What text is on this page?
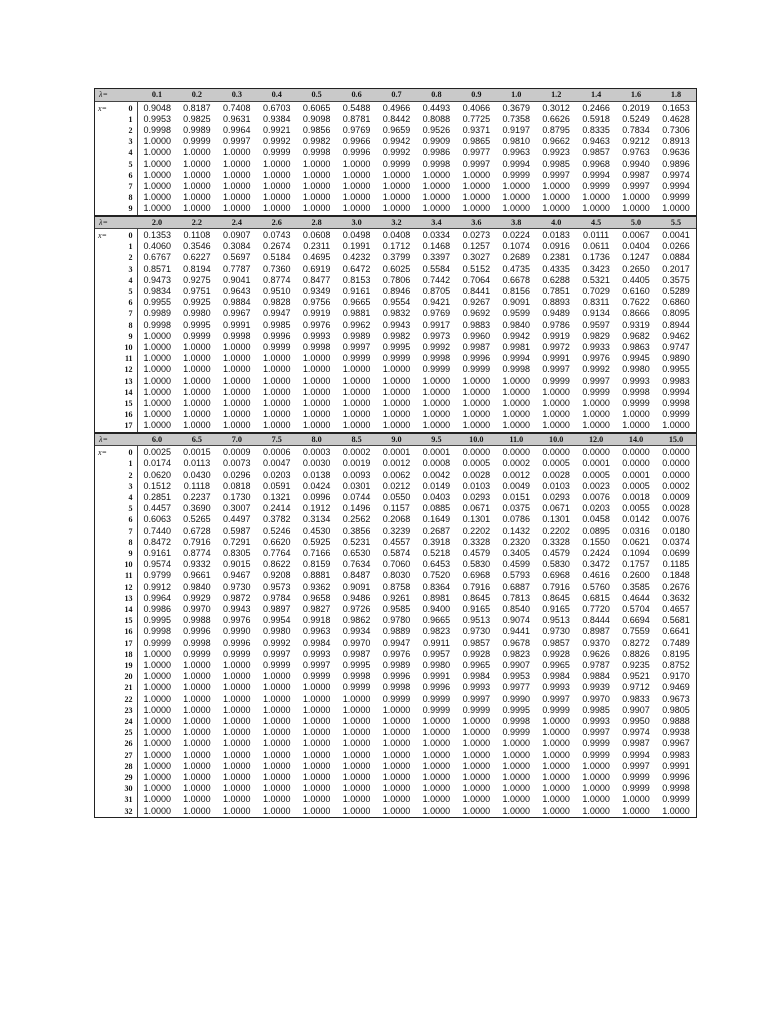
λ=	0.1	0.2	0.3	0.4	0.5	0.6	0.7	0.8	0.9	1.0	1.2	1.4	1.6	1.8

x= 0	0.9048	0.8187	0.7408	0.6703	0.6065	0.5488	0.4966	0.4493	0.4066	0.3679	0.3012	0.2466	0.2019	0.1653
1	0.9953	0.9825	0.9631	0.9384	0.9098	0.8781	0.8442	0.8088	0.7725	0.7358	0.6626	0.5918	0.5249	0.4628
2	0.9998	0.9989	0.9964	0.9921	0.9856	0.9769	0.9659	0.9526	0.9371	0.9197	0.8795	0.8335	0.7834	0.7306
3	1.0000	0.9999	0.9997	0.9992	0.9982	0.9966	0.9942	0.9909	0.9865	0.9810	0.9662	0.9463	0.9212	0.8913
4	1.0000	1.0000	1.0000	0.9999	0.9998	0.9996	0.9992	0.9986	0.9977	0.9963	0.9923	0.9857	0.9763	0.9636
5	1.0000	1.0000	1.0000	1.0000	1.0000	1.0000	0.9999	0.9998	0.9997	0.9994	0.9985	0.9968	0.9940	0.9896
6	1.0000	1.0000	1.0000	1.0000	1.0000	1.0000	1.0000	1.0000	1.0000	0.9999	0.9997	0.9994	0.9987	0.9974
7	1.0000	1.0000	1.0000	1.0000	1.0000	1.0000	1.0000	1.0000	1.0000	1.0000	1.0000	0.9999	0.9997	0.9994
8	1.0000	1.0000	1.0000	1.0000	1.0000	1.0000	1.0000	1.0000	1.0000	1.0000	1.0000	1.0000	1.0000	0.9999
9	1.0000	1.0000	1.0000	1.0000	1.0000	1.0000	1.0000	1.0000	1.0000	1.0000	1.0000	1.0000	1.0000	1.0000
λ=	2.0	2.2	2.4	2.6	2.8	3.0	3.2	3.4	3.6	3.8	4.0	4.5	5.0	5.5

x= 0	0.1353	0.1108	0.0907	0.0743	0.0608	0.0498	0.0408	0.0334	0.0273	0.0224	0.0183	0.0111	0.0067	0.0041
1	0.4060	0.3546	0.3084	0.2674	0.2311	0.1991	0.1712	0.1468	0.1257	0.1074	0.0916	0.0611	0.0404	0.0266
2	0.6767	0.6227	0.5697	0.5184	0.4695	0.4232	0.3799	0.3397	0.3027	0.2689	0.2381	0.1736	0.1247	0.0884
3	0.8571	0.8194	0.7787	0.7360	0.6919	0.6472	0.6025	0.5584	0.5152	0.4735	0.4335	0.3423	0.2650	0.2017
4	0.9473	0.9275	0.9041	0.8774	0.8477	0.8153	0.7806	0.7442	0.7064	0.6678	0.6288	0.5321	0.4405	0.3575
5	0.9834	0.9751	0.9643	0.9510	0.9349	0.9161	0.8946	0.8705	0.8441	0.8156	0.7851	0.7029	0.6160	0.5289
6	0.9955	0.9925	0.9884	0.9828	0.9756	0.9665	0.9554	0.9421	0.9267	0.9091	0.8893	0.8311	0.7622	0.6860
7	0.9989	0.9980	0.9967	0.9947	0.9919	0.9881	0.9832	0.9769	0.9692	0.9599	0.9489	0.9134	0.8666	0.8095
8	0.9998	0.9995	0.9991	0.9985	0.9976	0.9962	0.9943	0.9917	0.9883	0.9840	0.9786	0.9597	0.9319	0.8944
9	1.0000	0.9999	0.9998	0.9996	0.9993	0.9989	0.9982	0.9973	0.9960	0.9942	0.9919	0.9829	0.9682	0.9462
10	1.0000	1.0000	1.0000	0.9999	0.9998	0.9997	0.9995	0.9992	0.9987	0.9981	0.9972	0.9933	0.9863	0.9747
11	1.0000	1.0000	1.0000	1.0000	1.0000	0.9999	0.9999	0.9998	0.9996	0.9994	0.9991	0.9976	0.9945	0.9890
12	1.0000	1.0000	1.0000	1.0000	1.0000	1.0000	1.0000	0.9999	0.9999	0.9998	0.9997	0.9992	0.9980	0.9955
13	1.0000	1.0000	1.0000	1.0000	1.0000	1.0000	1.0000	1.0000	1.0000	1.0000	0.9999	0.9997	0.9993	0.9983
14	1.0000	1.0000	1.0000	1.0000	1.0000	1.0000	1.0000	1.0000	1.0000	1.0000	1.0000	0.9999	0.9998	0.9994
15	1.0000	1.0000	1.0000	1.0000	1.0000	1.0000	1.0000	1.0000	1.0000	1.0000	1.0000	1.0000	0.9999	0.9998
16	1.0000	1.0000	1.0000	1.0000	1.0000	1.0000	1.0000	1.0000	1.0000	1.0000	1.0000	1.0000	1.0000	0.9999
17	1.0000	1.0000	1.0000	1.0000	1.0000	1.0000	1.0000	1.0000	1.0000	1.0000	1.0000	1.0000	1.0000	1.0000
λ=	6.0	6.5	7.0	7.5	8.0	8.5	9.0	9.5	10.0	11.0	10.0	12.0	14.0	15.0

x= 0	0.0025	0.0015	0.0009	0.0006	0.0003	0.0002	0.0001	0.0001	0.0000	0.0000	0.0000	0.0000	0.0000	0.0000
1	0.0174	0.0113	0.0073	0.0047	0.0030	0.0019	0.0012	0.0008	0.0005	0.0002	0.0005	0.0001	0.0000	0.0000
2	0.0620	0.0430	0.0296	0.0203	0.0138	0.0093	0.0062	0.0042	0.0028	0.0012	0.0028	0.0005	0.0001	0.0000
3	0.1512	0.1118	0.0818	0.0591	0.0424	0.0301	0.0212	0.0149	0.0103	0.0049	0.0103	0.0023	0.0005	0.0002
4	0.2851	0.2237	0.1730	0.1321	0.0996	0.0744	0.0550	0.0403	0.0293	0.0151	0.0293	0.0076	0.0018	0.0009
5	0.4457	0.3690	0.3007	0.2414	0.1912	0.1496	0.1157	0.0885	0.0671	0.0375	0.0671	0.0203	0.0055	0.0028
6	0.6063	0.5265	0.4497	0.3782	0.3134	0.2562	0.2068	0.1649	0.1301	0.0786	0.1301	0.0458	0.0142	0.0076
7	0.7440	0.6728	0.5987	0.5246	0.4530	0.3856	0.3239	0.2687	0.2202	0.1432	0.2202	0.0895	0.0316	0.0180
8	0.8472	0.7916	0.7291	0.6620	0.5925	0.5231	0.4557	0.3918	0.3328	0.2320	0.3328	0.1550	0.0621	0.0374
9	0.9161	0.8774	0.8305	0.7764	0.7166	0.6530	0.5874	0.5218	0.4579	0.3405	0.4579	0.2424	0.1094	0.0699
10	0.9574	0.9332	0.9015	0.8622	0.8159	0.7634	0.7060	0.6453	0.5830	0.4599	0.5830	0.3472	0.1757	0.1185
11	0.9799	0.9661	0.9467	0.9208	0.8881	0.8487	0.8030	0.7520	0.6968	0.5793	0.6968	0.4616	0.2600	0.1848
12	0.9912	0.9840	0.9730	0.9573	0.9362	0.9091	0.8758	0.8364	0.7916	0.6887	0.7916	0.5760	0.3585	0.2676
13	0.9964	0.9929	0.9872	0.9784	0.9658	0.9486	0.9261	0.8981	0.8645	0.7813	0.8645	0.6815	0.4644	0.3632
14	0.9986	0.9970	0.9943	0.9897	0.9827	0.9726	0.9585	0.9400	0.9165	0.8540	0.9165	0.7720	0.5704	0.4657
15	0.9995	0.9988	0.9976	0.9954	0.9918	0.9862	0.9780	0.9665	0.9513	0.9074	0.9513	0.8444	0.6694	0.5681
16	0.9998	0.9996	0.9990	0.9980	0.9963	0.9934	0.9889	0.9823	0.9730	0.9441	0.9730	0.8987	0.7559	0.6641
17	0.9999	0.9998	0.9996	0.9992	0.9984	0.9970	0.9947	0.9911	0.9857	0.9678	0.9857	0.9370	0.8272	0.7489
18	1.0000	0.9999	0.9999	0.9997	0.9993	0.9987	0.9976	0.9957	0.9928	0.9823	0.9928	0.9626	0.8826	0.8195
19	1.0000	1.0000	1.0000	0.9999	0.9997	0.9995	0.9989	0.9980	0.9965	0.9907	0.9965	0.9787	0.9235	0.8752
20	1.0000	1.0000	1.0000	1.0000	0.9999	0.9998	0.9996	0.9991	0.9984	0.9953	0.9984	0.9884	0.9521	0.9170
21	1.0000	1.0000	1.0000	1.0000	1.0000	0.9999	0.9998	0.9996	0.9993	0.9977	0.9993	0.9939	0.9712	0.9469
22	1.0000	1.0000	1.0000	1.0000	1.0000	1.0000	0.9999	0.9999	0.9997	0.9990	0.9997	0.9970	0.9833	0.9673
23	1.0000	1.0000	1.0000	1.0000	1.0000	1.0000	1.0000	0.9999	0.9999	0.9995	0.9999	0.9985	0.9907	0.9805
24	1.0000	1.0000	1.0000	1.0000	1.0000	1.0000	1.0000	1.0000	1.0000	0.9998	1.0000	0.9993	0.9950	0.9888
25	1.0000	1.0000	1.0000	1.0000	1.0000	1.0000	1.0000	1.0000	1.0000	0.9999	1.0000	0.9997	0.9974	0.9938
26	1.0000	1.0000	1.0000	1.0000	1.0000	1.0000	1.0000	1.0000	1.0000	1.0000	1.0000	0.9999	0.9987	0.9967
27	1.0000	1.0000	1.0000	1.0000	1.0000	1.0000	1.0000	1.0000	1.0000	1.0000	1.0000	0.9999	0.9994	0.9983
28	1.0000	1.0000	1.0000	1.0000	1.0000	1.0000	1.0000	1.0000	1.0000	1.0000	1.0000	1.0000	0.9997	0.9991
29	1.0000	1.0000	1.0000	1.0000	1.0000	1.0000	1.0000	1.0000	1.0000	1.0000	1.0000	1.0000	0.9999	0.9996
30	1.0000	1.0000	1.0000	1.0000	1.0000	1.0000	1.0000	1.0000	1.0000	1.0000	1.0000	1.0000	0.9999	0.9998
31	1.0000	1.0000	1.0000	1.0000	1.0000	1.0000	1.0000	1.0000	1.0000	1.0000	1.0000	1.0000	1.0000	0.9999
32	1.0000	1.0000	1.0000	1.0000	1.0000	1.0000	1.0000	1.0000	1.0000	1.0000	1.0000	1.0000	1.0000	1.0000
